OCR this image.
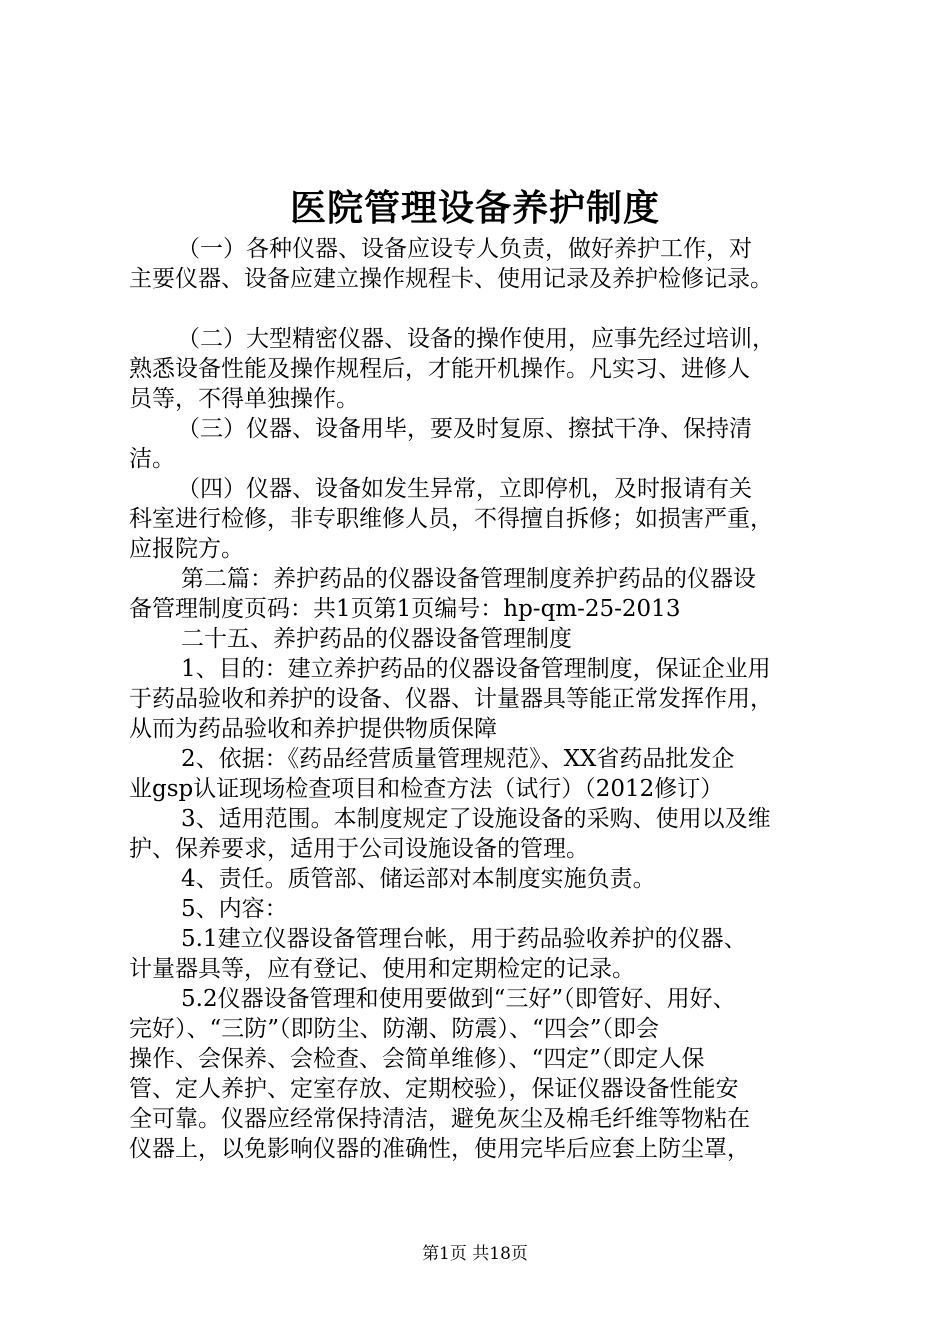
医院管理设备养护制度
（一）各种仪器、设备应设专人负责，做好养护工作，对
主要仪器、设备应建立操作规程卡、使用记录及养护检修记录。
（二）大型精密仪器、设备的操作使用，应事先经过培训，
熟悉设备性能及操作规程后，才能开机操作。凡实习、进修人
员等，不得单独操作。
（三）仪器、设备用毕，要及时复原、擦拭干净、保持清
洁。
（四）仪器、设备如发生异常，立即停机，及时报请有关
科室进行检修，非专职维修人员，不得擅自拆修；如损害严重，
应报院方。
第二篇：养护药品的仪器设备管理制度养护药品的仪器设
备管理制度页码：共1页第1页编号：hp-qm-25-2013
二十五、养护药品的仪器设备管理制度
1、目的：建立养护药品的仪器设备管理制度，保证企业用
于药品验收和养护的设备、仪器、计量器具等能正常发挥作用，
从而为药品验收和养护提供物质保障
2、依据：《药品经营质量管理规范》、XX省药品批发企
业gsp认证现场检查项目和检查方法（试行）（2012修订）
3、适用范围。本制度规定了设施设备的采购、使用以及维
护、保养要求，适用于公司设施设备的管理。
4、责任。质管部、储运部对本制度实施负责。
5、内容：
5.1建立仪器设备管理台帐，用于药品验收养护的仪器、
计量器具等，应有登记、使用和定期检定的记录。
5.2仪器设备管理和使用要做到“三好”（即管好、用好、
完好）、“三防”（即防尘、防潮、防震）、“四会”（即会
操作、会保养、会检查、会简单维修）、“四定”（即定人保
管、定人养护、定室存放、定期校验），保证仪器设备性能安
全可靠。仪器应经常保持清洁，避免灰尘及棉毛纤维等物粘在
仪器上，以免影响仪器的准确性，使用完毕后应套上防尘罩，
第1页 共18页
